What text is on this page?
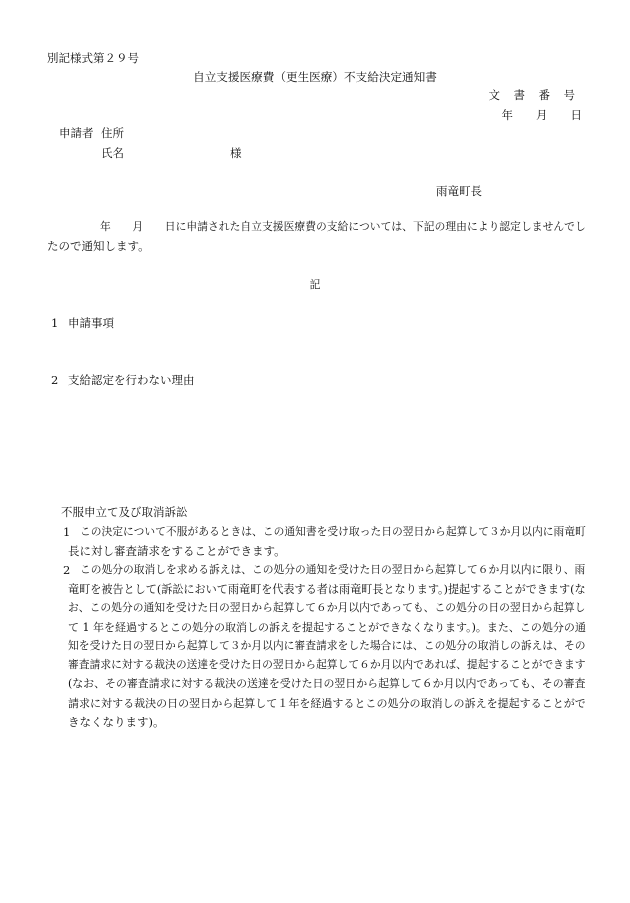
別記様式第２９号
自立支援医療費（更生医療）不支給決定通知書
文　書　番　号
年　　月　　日
申請者 住所
氏名	様
雨竜町長
年　　月　　日に申請された自立支援医療費の支給については、下記の理由により認定しませんでし
たので通知します。
記
1 申請事項
2 支給認定を行わない理由
不服申立て及び取消訴訟
1 この決定について不服があるときは、この通知書を受け取った日の翌日から起算して３か月以内に雨竜町
長に対し審査請求をすることができます。
2 この処分の取消しを求める訴えは、この処分の通知を受けた日の翌日から起算して６か月以内に限り、雨
竜町を被告として(訴訟において雨竜町を代表する者は雨竜町長となります。)提起することができます(な
お、この処分の通知を受けた日の翌日から起算して６か月以内であっても、この処分の日の翌日から起算し
て 1 年を経過するとこの処分の取消しの訴えを提起することができなくなります。)。また、この処分の通
知を受けた日の翌日から起算して３か月以内に審査請求をした場合には、この処分の取消しの訴えは、その
審査請求に対する裁決の送達を受けた日の翌日から起算して６か月以内であれば、提起することができます
(なお、その審査請求に対する裁決の送達を受けた日の翌日から起算して６か月以内であっても、その審査
請求に対する裁決の日の翌日から起算して１年を経過するとこの処分の取消しの訴えを提起することがで
きなくなります)。
